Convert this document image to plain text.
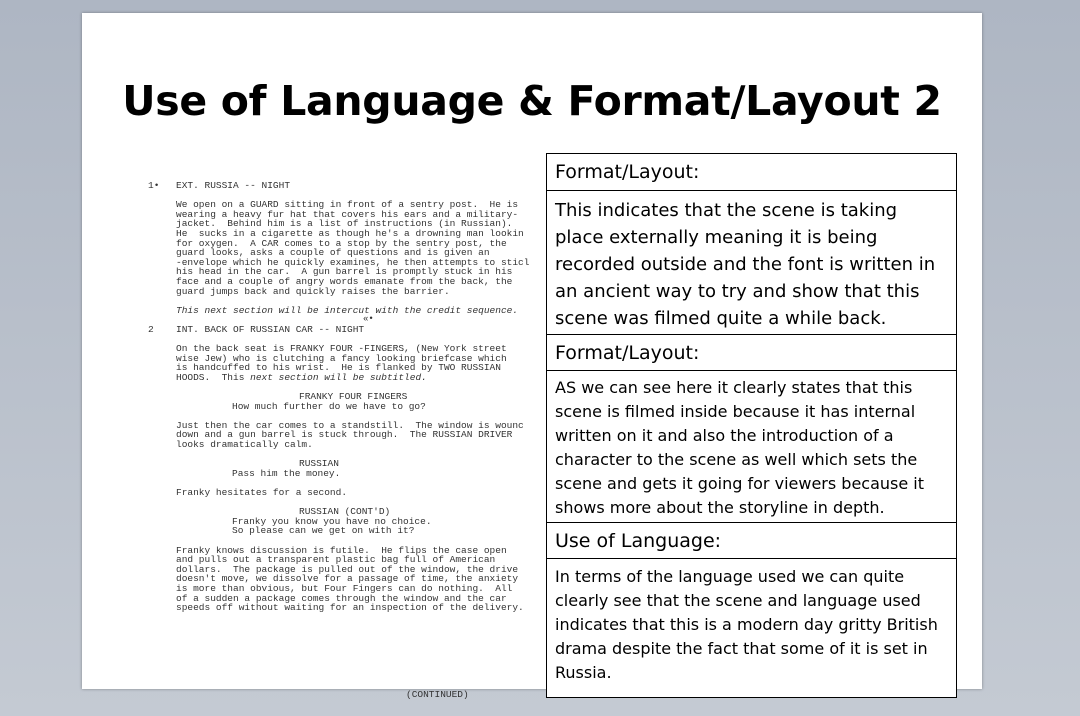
Use of Language & Format/Layout 2
1•	EXT. RUSSIA -- NIGHT

We open on a GUARD sitting in front of a sentry post.  He is

wearing a heavy fur hat that covers his ears and a military-

jacket.  Behind him is a list of instructions (in Russian).

He  sucks in a cigarette as though he's a drowning man lookin

for oxygen.  A CAR comes to a stop by the sentry post, the

guard looks, asks a couple of questions and is given an

-envelope which he quickly examines, he then attempts to sticl

his head in the car.  A gun barrel is promptly stuck in his

face and a couple of angry words emanate from the back, the

guard jumps back and quickly raises the barrier.

This next section will be intercut with the credit sequence.

«•

2	INT. BACK OF RUSSIAN CAR -- NIGHT

On the back seat is FRANKY FOUR -FINGERS, (New York street

wise Jew) who is clutching a fancy looking briefcase which

is handcuffed to his wrist.  He is flanked by TWO RUSSIAN

HOODS.  This next section will be subtitled.

FRANKY FOUR FINGERS

How much further do we have to go?

Just then the car comes to a standstill.  The window is wounc

down and a gun barrel is stuck through.  The RUSSIAN DRIVER

looks dramatically calm.

RUSSIAN

Pass him the money.

Franky hesitates for a second.

RUSSIAN (CONT'D)

Franky you know you have no choice.

So please can we get on with it?

Franky knows discussion is futile.  He flips the case open

and pulls out a transparent plastic bag full of American

dollars.  The package is pulled out of the window, the drive

doesn't move, we dissolve for a passage of time, the anxiety

is more than obvious, but Four Fingers can do nothing.  All

of a sudden a package comes through the window and the car

speeds off without waiting for an inspection of the delivery.

(CONTINUED)

Format/Layout:
This indicates that the scene is taking place externally meaning it is being recorded outside and the font is written in an ancient way to try and show that this scene was filmed quite a while back.
Format/Layout:
AS we can see here it clearly states that this scene is filmed inside because it has internal written on it and also the introduction of a character to the scene as well which sets the scene and gets it going for viewers because it shows more about the storyline in depth.
Use of Language:
In terms of the language used we can quite clearly see that the scene and language used indicates that this is a modern day gritty British drama despite the fact that some of it is set in Russia.
